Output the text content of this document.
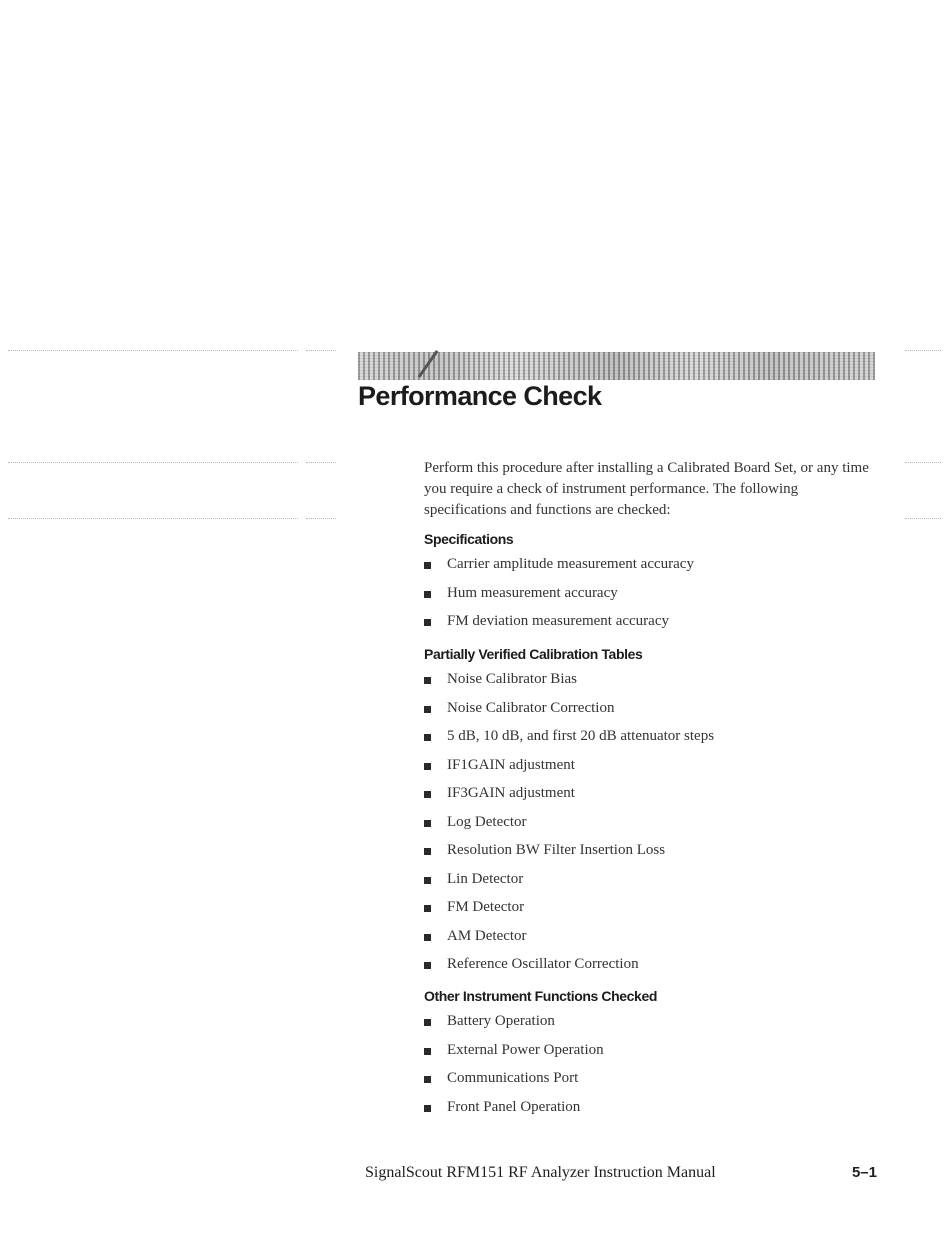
Performance Check

Perform this procedure after installing a Calibrated Board Set, or any time you require a check of instrument performance. The following specifications and functions are checked:

Specifications
Carrier amplitude measurement accuracy
Hum measurement accuracy
FM deviation measurement accuracy
Partially Verified Calibration Tables
Noise Calibrator Bias
Noise Calibrator Correction
5 dB, 10 dB, and first 20 dB attenuator steps
IF1GAIN adjustment
IF3GAIN adjustment
Log Detector
Resolution BW Filter Insertion Loss
Lin Detector
FM Detector
AM Detector
Reference Oscillator Correction
Other Instrument Functions Checked
Battery Operation
External Power Operation
Communications Port
Front Panel Operation
SignalScout RFM151 RF Analyzer Instruction Manual	5–1
